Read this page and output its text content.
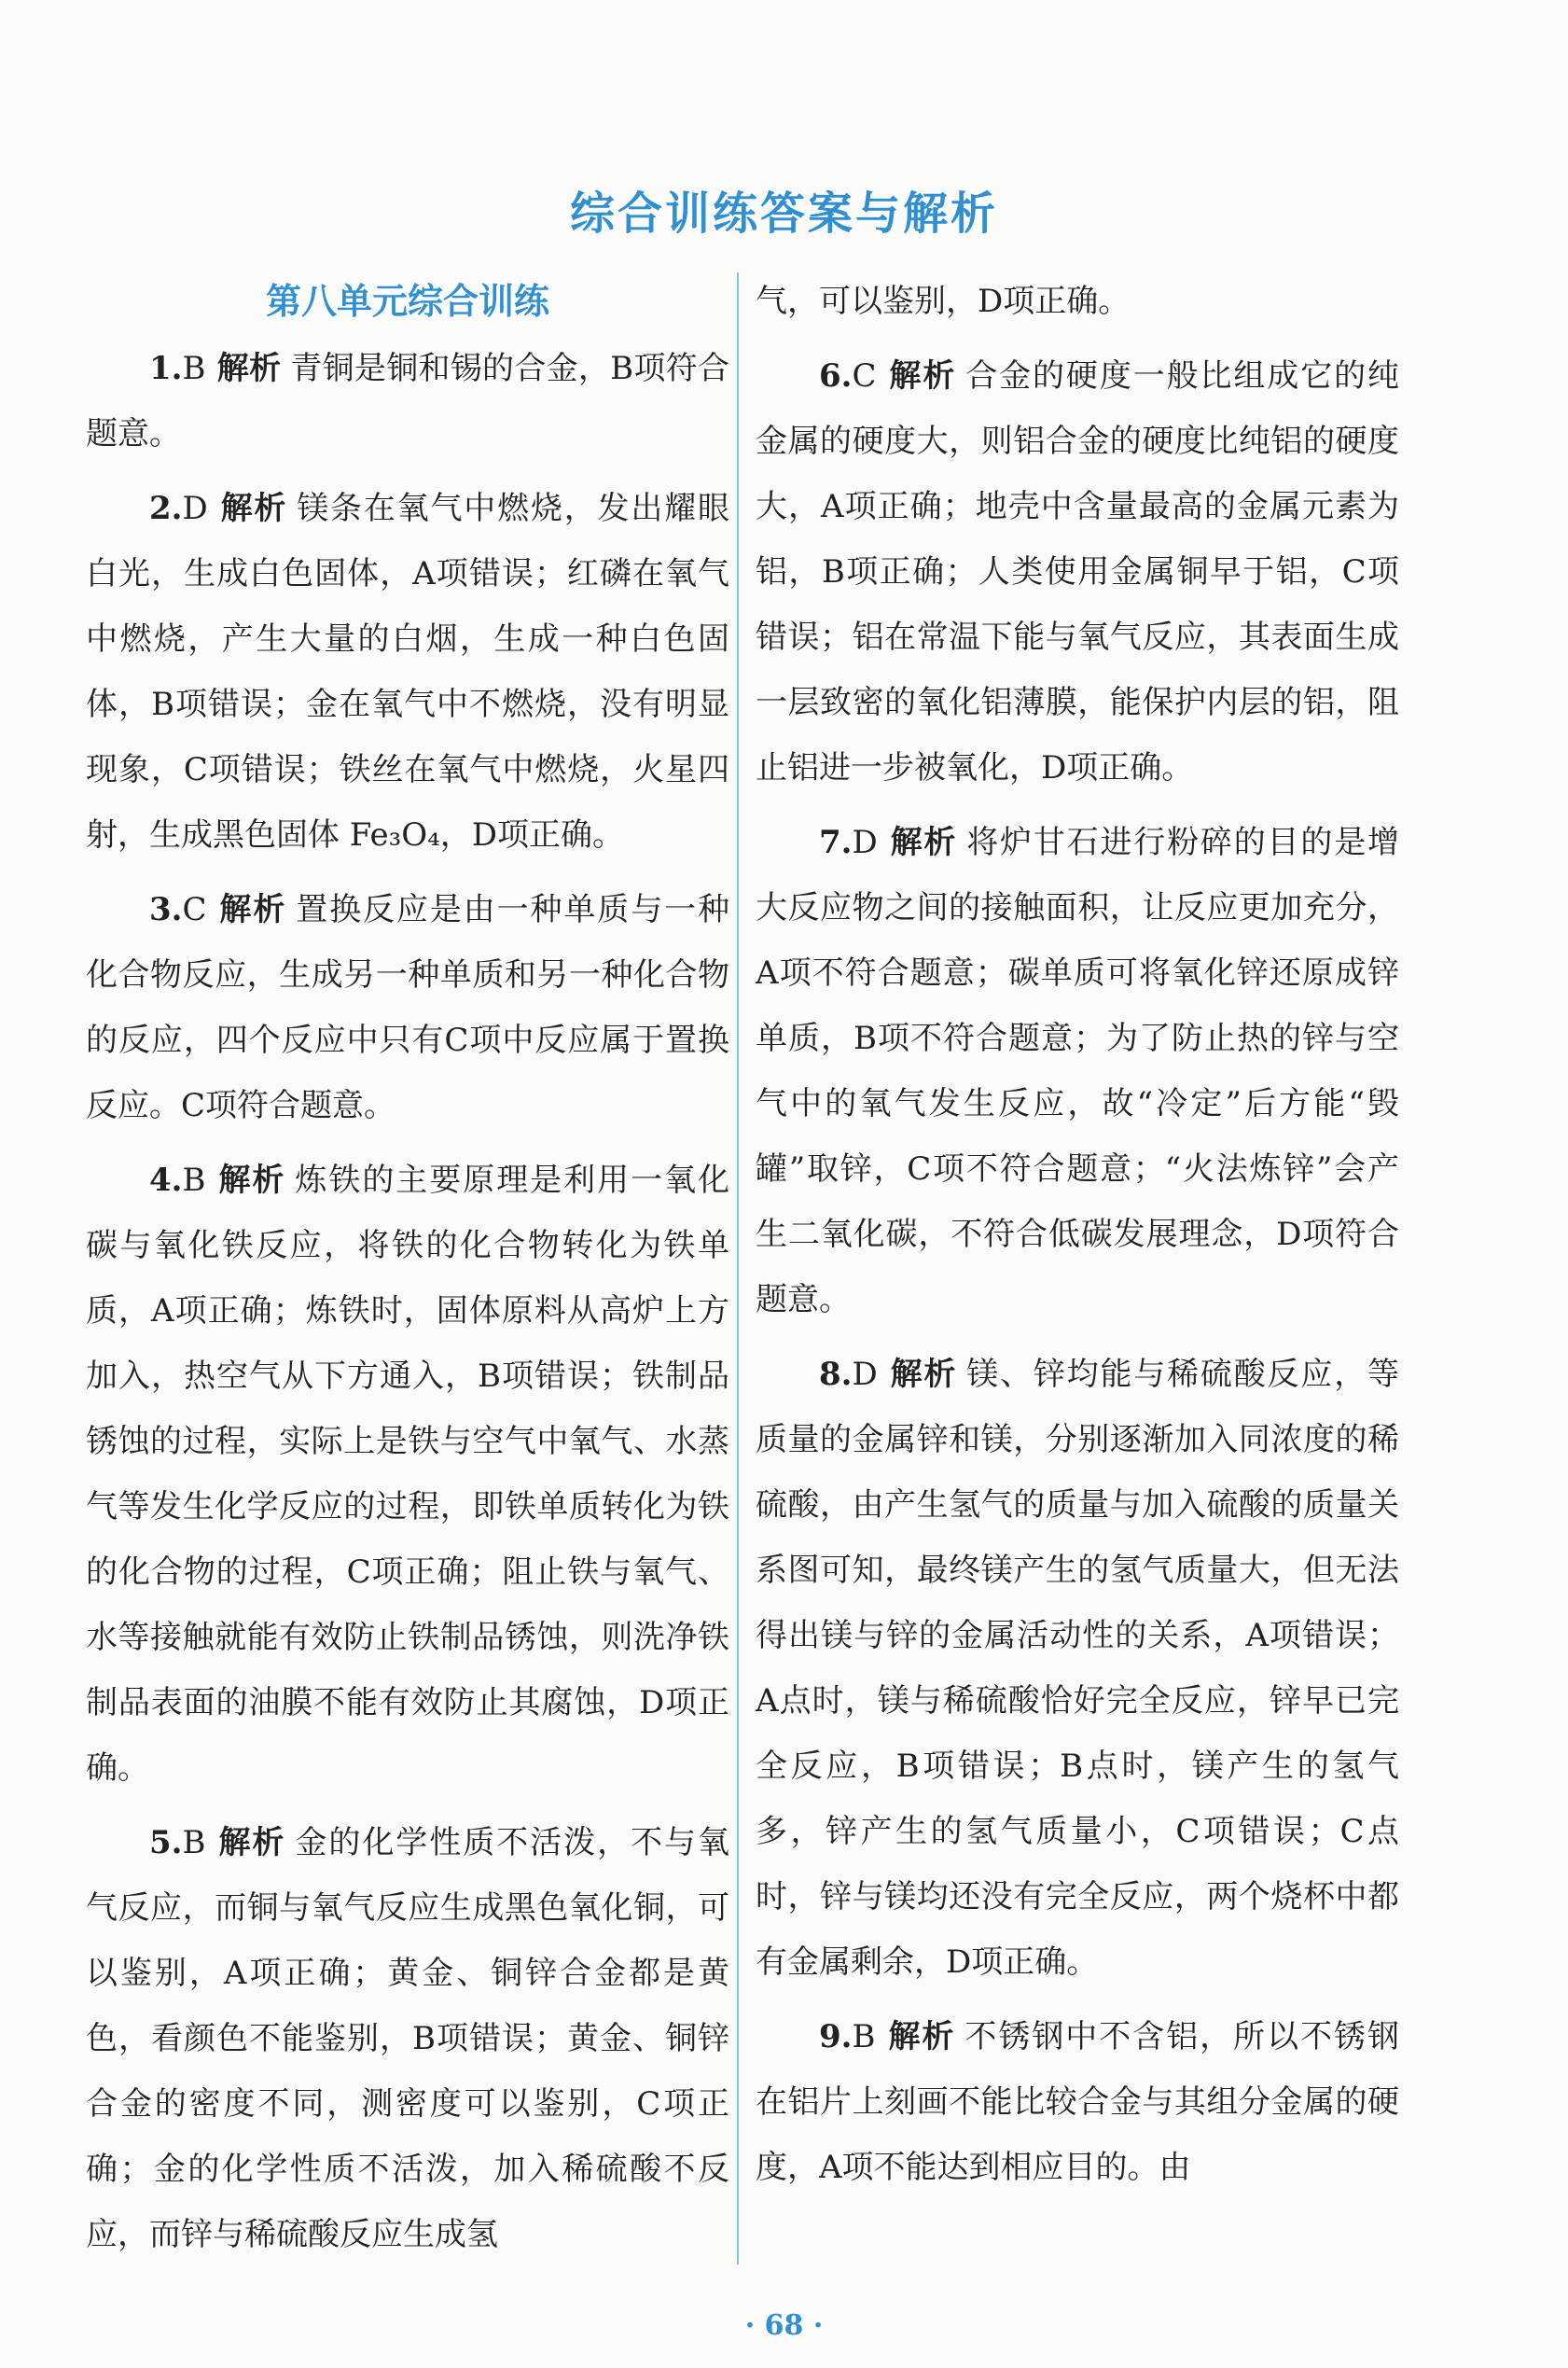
综合训练答案与解析
第八单元综合训练

1.B 解析 青铜是铜和锡的合金，B项符合题意。

2.D 解析 镁条在氧气中燃烧，发出耀眼白光，生成白色固体，A项错误；红磷在氧气中燃烧，产生大量的白烟，生成一种白色固体，B项错误；金在氧气中不燃烧，没有明显现象，C项错误；铁丝在氧气中燃烧，火星四射，生成黑色固体 Fe₃O₄，D项正确。

3.C 解析 置换反应是由一种单质与一种化合物反应，生成另一种单质和另一种化合物的反应，四个反应中只有C项中反应属于置换反应。C项符合题意。

4.B 解析 炼铁的主要原理是利用一氧化碳与氧化铁反应，将铁的化合物转化为铁单质，A项正确；炼铁时，固体原料从高炉上方加入，热空气从下方通入，B项错误；铁制品锈蚀的过程，实际上是铁与空气中氧气、水蒸气等发生化学反应的过程，即铁单质转化为铁的化合物的过程，C项正确；阻止铁与氧气、水等接触就能有效防止铁制品锈蚀，则洗净铁制品表面的油膜不能有效防止其腐蚀，D项正确。

5.B 解析 金的化学性质不活泼，不与氧气反应，而铜与氧气反应生成黑色氧化铜，可以鉴别，A项正确；黄金、铜锌合金都是黄色，看颜色不能鉴别，B项错误；黄金、铜锌合金的密度不同，测密度可以鉴别，C项正确；金的化学性质不活泼，加入稀硫酸不反应，而锌与稀硫酸反应生成氢

气，可以鉴别，D项正确。

6.C 解析 合金的硬度一般比组成它的纯金属的硬度大，则铝合金的硬度比纯铝的硬度大，A项正确；地壳中含量最高的金属元素为铝，B项正确；人类使用金属铜早于铝，C项错误；铝在常温下能与氧气反应，其表面生成一层致密的氧化铝薄膜，能保护内层的铝，阻止铝进一步被氧化，D项正确。

7.D 解析 将炉甘石进行粉碎的目的是增大反应物之间的接触面积，让反应更加充分，A项不符合题意；碳单质可将氧化锌还原成锌单质，B项不符合题意；为了防止热的锌与空气中的氧气发生反应，故“冷定”后方能“毁罐”取锌，C项不符合题意；“火法炼锌”会产生二氧化碳，不符合低碳发展理念，D项符合题意。

8.D 解析 镁、锌均能与稀硫酸反应，等质量的金属锌和镁，分别逐渐加入同浓度的稀硫酸，由产生氢气的质量与加入硫酸的质量关系图可知，最终镁产生的氢气质量大，但无法得出镁与锌的金属活动性的关系，A项错误；A点时，镁与稀硫酸恰好完全反应，锌早已完全反应，B项错误；B点时，镁产生的氢气多，锌产生的氢气质量小，C项错误；C点时，锌与镁均还没有完全反应，两个烧杯中都有金属剩余，D项正确。

9.B 解析 不锈钢中不含铝，所以不锈钢在铝片上刻画不能比较合金与其组分金属的硬度，A项不能达到相应目的。由

· 68 ·
